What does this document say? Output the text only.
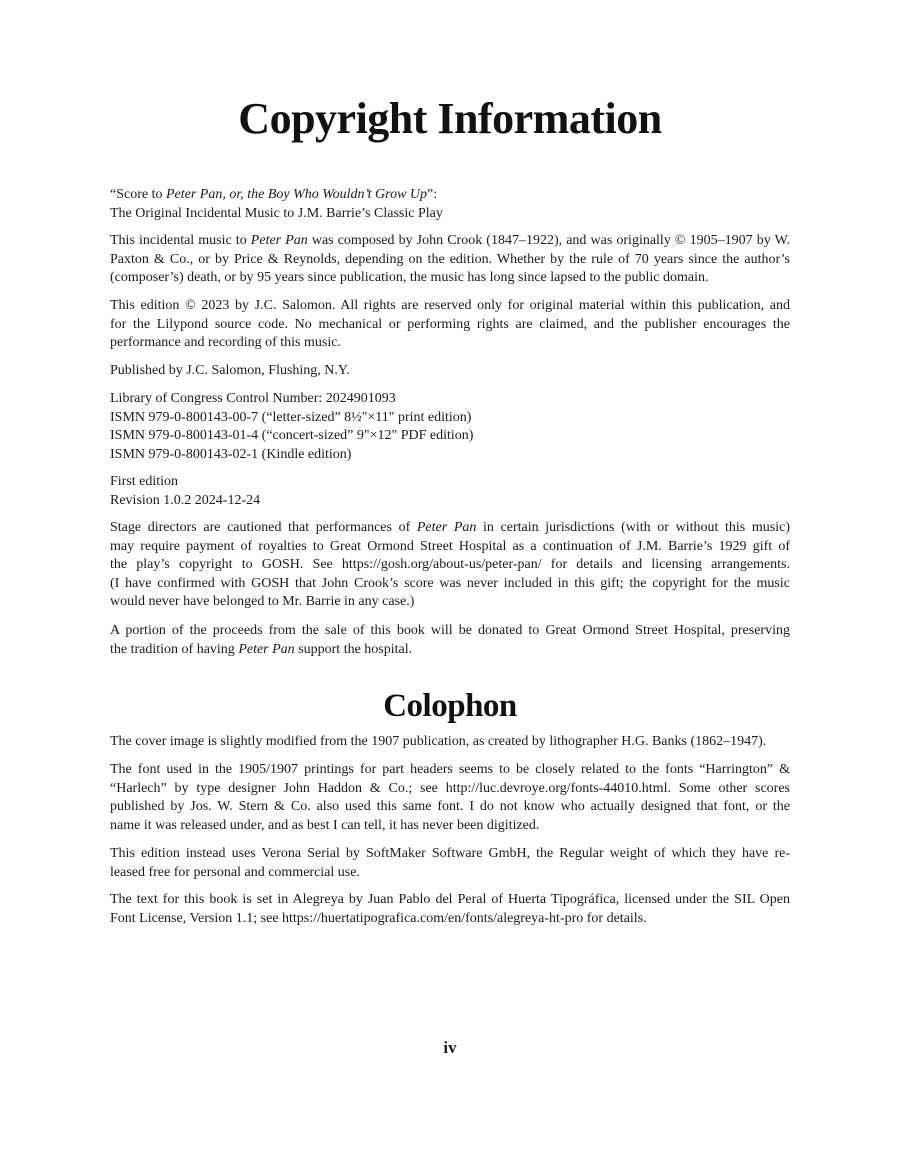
Copyright Information
“Score to Peter Pan, or, the Boy Who Wouldn’t Grow Up”:
The Original Incidental Music to J.M. Barrie’s Classic Play
This incidental music to Peter Pan was composed by John Crook (1847–1922), and was originally © 1905–1907 by W.
Paxton & Co., or by Price & Reynolds, depending on the edition. Whether by the rule of 70 years since the author’s
(composer’s) death, or by 95 years since publication, the music has long since lapsed to the public domain.
This edition © 2023 by J.C. Salomon. All rights are reserved only for original material within this publication, and
for the Lilypond source code. No mechanical or performing rights are claimed, and the publisher encourages the
performance and recording of this music.
Published by J.C. Salomon, Flushing, N.Y.
Library of Congress Control Number: 2024901093
ISMN 979-0-800143-00-7 (“letter-sized” 8½"×11" print edition)
ISMN 979-0-800143-01-4 (“concert-sized” 9"×12" PDF edition)
ISMN 979-0-800143-02-1 (Kindle edition)
First edition
Revision 1.0.2 2024-12-24
Stage directors are cautioned that performances of Peter Pan in certain jurisdictions (with or without this music)
may require payment of royalties to Great Ormond Street Hospital as a continuation of J.M. Barrie’s 1929 gift of
the play’s copyright to GOSH. See https://gosh.org/about-us/peter-pan/ for details and licensing arrangements.
(I have confirmed with GOSH that John Crook’s score was never included in this gift; the copyright for the music
would never have belonged to Mr. Barrie in any case.)
A portion of the proceeds from the sale of this book will be donated to Great Ormond Street Hospital, preserving
the tradition of having Peter Pan support the hospital.
Colophon
The cover image is slightly modified from the 1907 publication, as created by lithographer H.G. Banks (1862–1947).
The font used in the 1905/1907 printings for part headers seems to be closely related to the fonts “Harrington” &
“Harlech” by type designer John Haddon & Co.; see http://luc.devroye.org/fonts-44010.html. Some other scores
published by Jos. W. Stern & Co. also used this same font. I do not know who actually designed that font, or the
name it was released under, and as best I can tell, it has never been digitized.
This edition instead uses Verona Serial by SoftMaker Software GmbH, the Regular weight of which they have re-
leased free for personal and commercial use.
The text for this book is set in Alegreya by Juan Pablo del Peral of Huerta Tipográfica, licensed under the SIL Open
Font License, Version 1.1; see https://huertatipografica.com/en/fonts/alegreya-ht-pro for details.
iv
